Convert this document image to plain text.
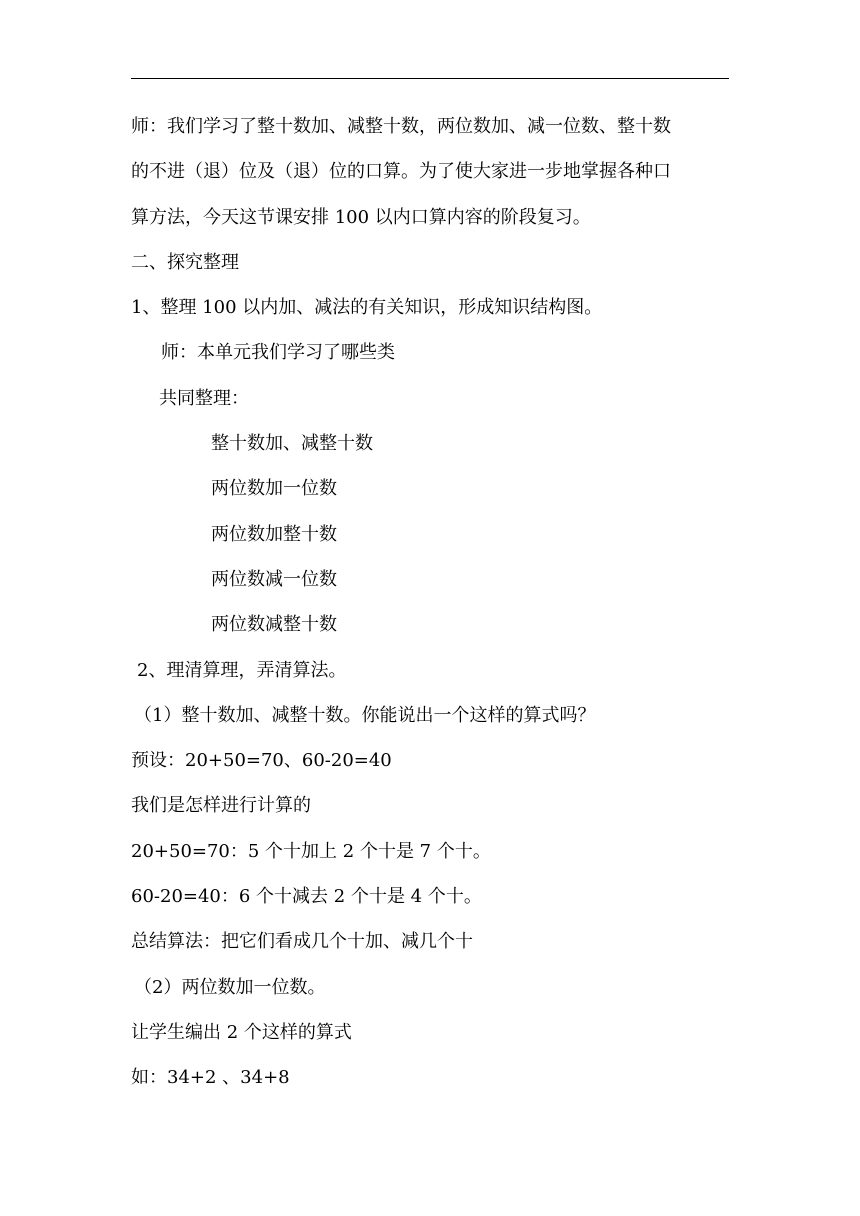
师：我们学习了整十数加、减整十数，两位数加、减一位数、整十数

的不进（退）位及（退）位的口算。为了使大家进一步地掌握各种口

算方法，今天这节课安排 100 以内口算内容的阶段复习。

二、探究整理

1、整理 100 以内加、减法的有关知识，形成知识结构图。

师：本单元我们学习了哪些类

共同整理：

整十数加、减整十数

两位数加一位数

两位数加整十数

两位数减一位数

两位数减整十数

2、理清算理，弄清算法。

（1）整十数加、减整十数。你能说出一个这样的算式吗？

预设：20+50=70、60-20=40

我们是怎样进行计算的

20+50=70：5 个十加上 2 个十是 7 个十。

60-20=40：6 个十减去 2 个十是 4 个十。

总结算法：把它们看成几个十加、减几个十

（2）两位数加一位数。

让学生编出 2 个这样的算式

如：34+2 、34+8
